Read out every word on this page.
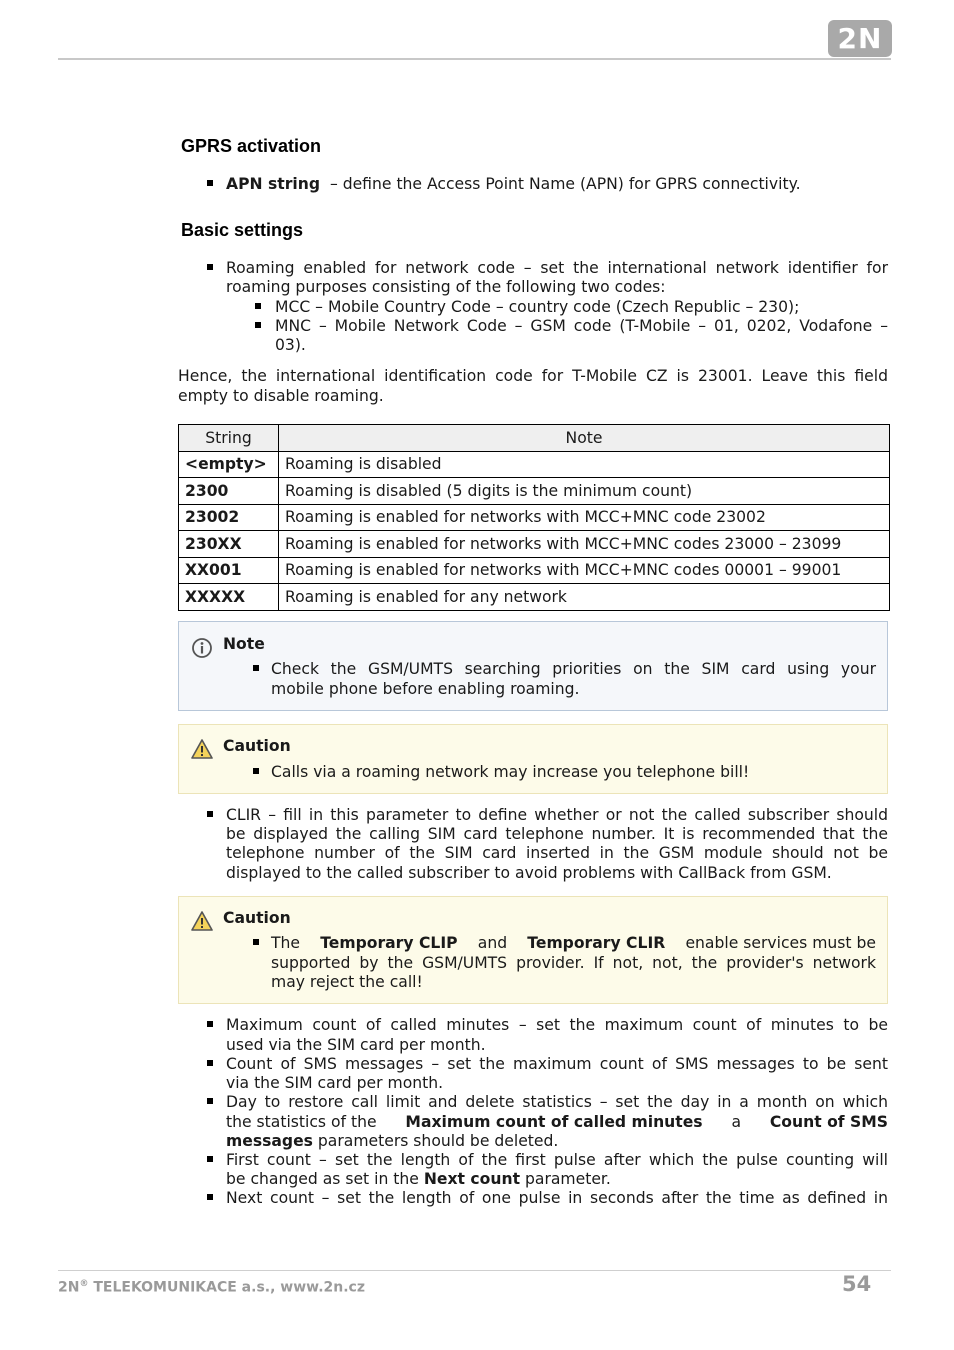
2N
GPRS activation
APN string – define the Access Point Name (APN) for GPRS connectivity.
Basic settings
Roaming enabled for network code – set the international network identifier for
roaming purposes consisting of the following two codes:
MCC – Mobile Country Code – country code (Czech Republic – 230);
MNC – Mobile Network Code – GSM code (T-Mobile – 01, 0202, Vodafone –
03).
Hence, the international identification code for T-Mobile CZ is 23001. Leave this field
empty to disable roaming.
String	Note
<empty>	Roaming is disabled
2300	Roaming is disabled (5 digits is the minimum count)
23002	Roaming is enabled for networks with MCC+MNC code 23002
230XX	Roaming is enabled for networks with MCC+MNC codes 23000 – 23099
XX001	Roaming is enabled for networks with MCC+MNC codes 00001 – 99001
XXXXX	Roaming is enabled for any network
Note
Check the GSM/UMTS searching priorities on the SIM card using your
mobile phone before enabling roaming.
Caution
Calls via a roaming network may increase you telephone bill!
CLIR – fill in this parameter to define whether or not the called subscriber should
be displayed the calling SIM card telephone number. It is recommended that the
telephone number of the SIM card inserted in the GSM module should not be
displayed to the called subscriber to avoid problems with CallBack from GSM.
Caution
The Temporary CLIP and Temporary CLIR enable services must be
supported by the GSM/UMTS provider. If not, not, the provider's network
may reject the call!
Maximum count of called minutes – set the maximum count of minutes to be
used via the SIM card per month.
Count of SMS messages – set the maximum count of SMS messages to be sent
via the SIM card per month.
Day to restore call limit and delete statistics – set the day in a month on which
the statistics of the Maximum count of called minutes a Count of SMS
messages parameters should be deleted.
First count – set the length of the first pulse after which the pulse counting will
be changed as set in the Next count parameter.
Next count – set the length of one pulse in seconds after the time as defined in
2N® TELEKOMUNIKACE a.s., www.2n.cz	54
